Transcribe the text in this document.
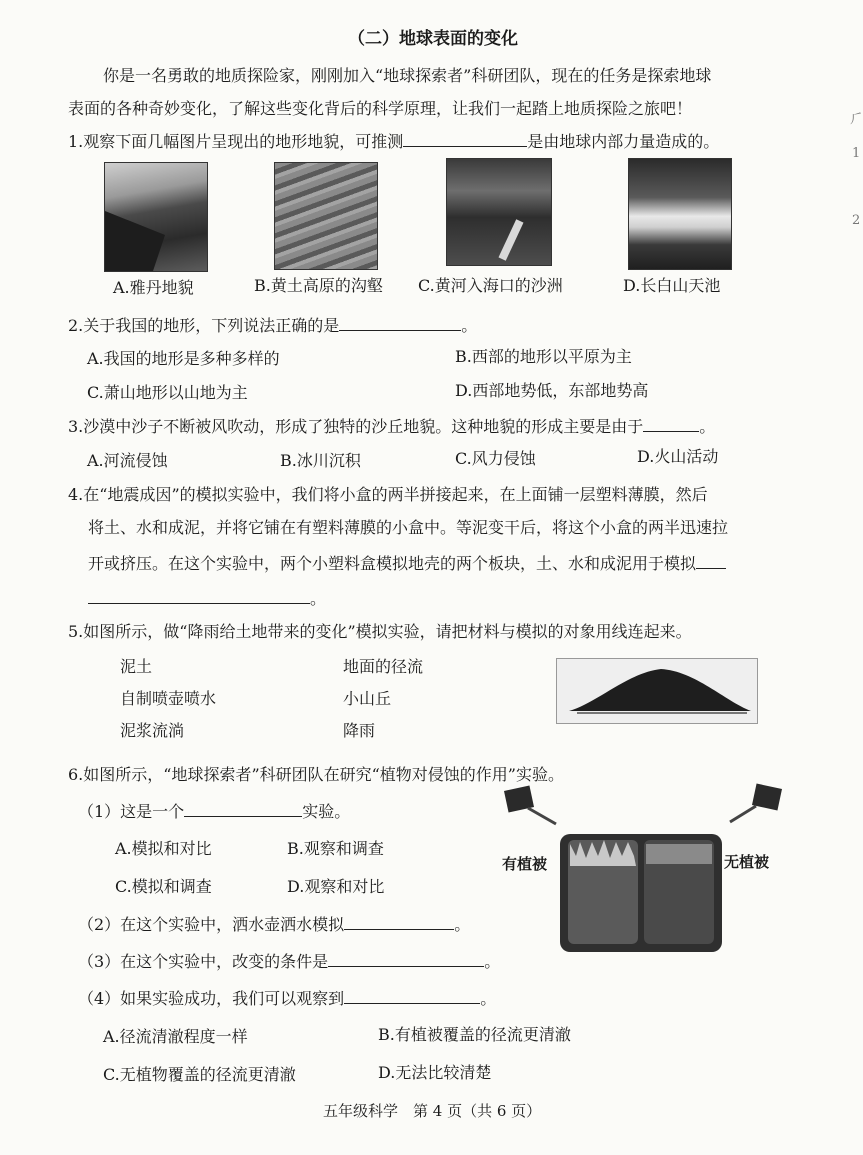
（二）地球表面的变化
你是一名勇敢的地质探险家，刚刚加入“地球探索者”科研团队，现在的任务是探索地球
表面的各种奇妙变化，了解这些变化背后的科学原理，让我们一起踏上地质探险之旅吧！
1.观察下面几幅图片呈现出的地形地貌，可推测	是由地球内部力量造成的。
A.雅丹地貌	B.黄土高原的沟壑 C.黄河入海口的沙洲	D.长白山天池
2.关于我国的地形，下列说法正确的是	。
A.我国的地形是多种多样的	B.西部的地形以平原为主
C.萧山地形以山地为主	D.西部地势低，东部地势高
3.沙漠中沙子不断被风吹动，形成了独特的沙丘地貌。这种地貌的形成主要是由于	。
A.河流侵蚀	B.冰川沉积	C.风力侵蚀	D.火山活动
4.在“地震成因”的模拟实验中，我们将小盒的两半拼接起来，在上面铺一层塑料薄膜，然后
将土、水和成泥，并将它铺在有塑料薄膜的小盒中。等泥变干后，将这个小盒的两半迅速拉
开或挤压。在这个实验中，两个小塑料盒模拟地壳的两个板块，土、水和成泥用于模拟
。
5.如图所示，做“降雨给土地带来的变化”模拟实验，请把材料与模拟的对象用线连起来。
泥土
自制喷壶喷水
泥浆流淌
地面的径流
小山丘
降雨
6.如图所示，“地球探索者”科研团队在研究“植物对侵蚀的作用”实验。
（1）这是一个	实验。
A.模拟和对比	B.观察和调查
C.模拟和调查	D.观察和对比
（2）在这个实验中，洒水壶洒水模拟	。
（3）在这个实验中，改变的条件是	。
（4）如果实验成功，我们可以观察到	。
A.径流清澈程度一样	B.有植被覆盖的径流更清澈
C.无植物覆盖的径流更清澈	D.无法比较清楚
有植被	无植被
五年级科学　第 4 页（共 6 页）
⺁
1
2
